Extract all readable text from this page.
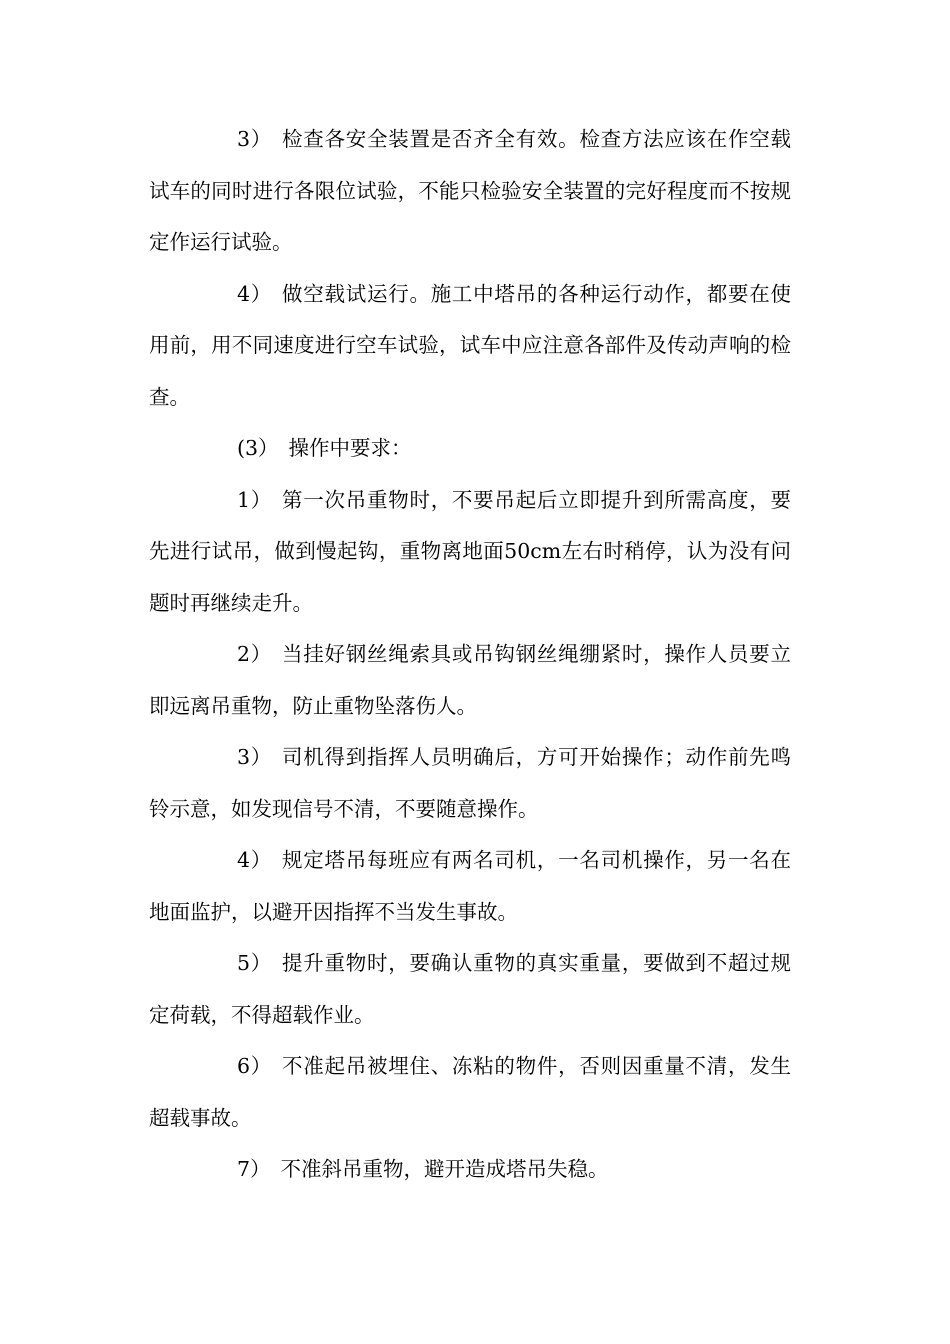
3） 检查各安全装置是否齐全有效。检查方法应该在作空载试车的同时进行各限位试验，不能只检验安全装置的完好程度而不按规定作运行试验。

4） 做空载试运行。施工中塔吊的各种运行动作，都要在使用前，用不同速度进行空车试验，试车中应注意各部件及传动声响的检查。

(3） 操作中要求：

1） 第一次吊重物时，不要吊起后立即提升到所需高度，要先进行试吊，做到慢起钩，重物离地面50cm左右时稍停，认为没有问题时再继续走升。

2） 当挂好钢丝绳索具或吊钩钢丝绳绷紧时，操作人员要立即远离吊重物，防止重物坠落伤人。

3） 司机得到指挥人员明确后，方可开始操作；动作前先鸣铃示意，如发现信号不清，不要随意操作。

4） 规定塔吊每班应有两名司机，一名司机操作，另一名在地面监护，以避开因指挥不当发生事故。

5） 提升重物时，要确认重物的真实重量，要做到不超过规定荷载，不得超载作业。

6） 不准起吊被埋住、冻粘的物件，否则因重量不清，发生超载事故。

7） 不准斜吊重物，避开造成塔吊失稳。
